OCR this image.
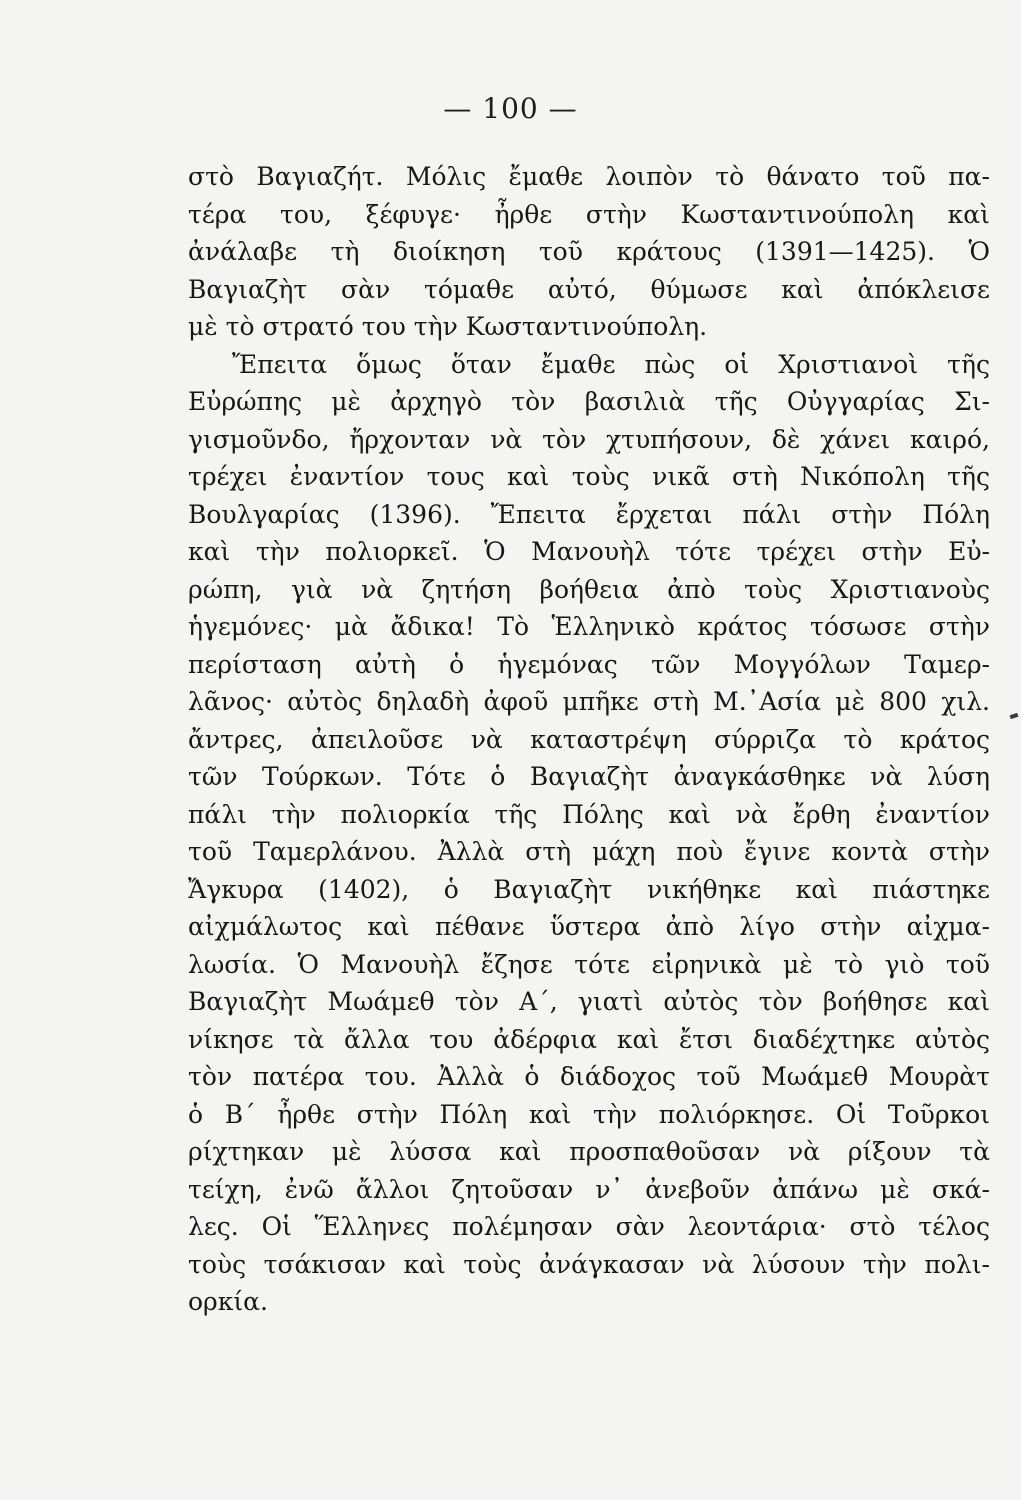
— 100 —
στὸ Βαγιαζήτ. Μόλις ἔμαθε λοιπὸν τὸ θάνατο τοῦ πα-
τέρα του, ξέφυγε· ἦρθε στὴν Κωσταντινούπολη καὶ
ἀνάλαβε τὴ διοίκηση τοῦ κράτους (1391—1425). Ὁ
Βαγιαζὴτ σὰν τόμαθε αὐτό, θύμωσε καὶ ἀπόκλεισε
μὲ τὸ στρατό του τὴν Κωσταντινούπολη.
Ἔπειτα ὅμως ὅταν ἔμαθε πὼς οἱ Χριστιανοὶ τῆς
Εὐρώπης μὲ ἀρχηγὸ τὸν βασιλιὰ τῆς Οὐγγαρίας Σι-
γισμοῦνδο, ἤρχονταν νὰ τὸν χτυπήσουν, δὲ χάνει καιρό,
τρέχει ἐναντίον τους καὶ τοὺς νικᾶ στὴ Νικόπολη τῆς
Βουλγαρίας (1396). Ἔπειτα ἔρχεται πάλι στὴν Πόλη
καὶ τὴν πολιορκεῖ. Ὁ Μανουὴλ τότε τρέχει στὴν Εὐ-
ρώπη, γιὰ νὰ ζητήση βοήθεια ἀπὸ τοὺς Χριστιανοὺς
ἡγεμόνες· μὰ ἄδικα! Τὸ Ἑλληνικὸ κράτος τόσωσε στὴν
περίσταση αὐτὴ ὁ ἡγεμόνας τῶν Μογγόλων Ταμερ-
λᾶνος· αὐτὸς δηλαδὴ ἀφοῦ μπῆκε στὴ Μ.᾿Ασία μὲ 800 χιλ.
ἄντρες, ἀπειλοῦσε νὰ καταστρέψη σύρριζα τὸ κράτος
τῶν Τούρκων. Τότε ὁ Βαγιαζὴτ ἀναγκάσθηκε νὰ λύση
πάλι τὴν πολιορκία τῆς Πόλης καὶ νὰ ἔρθη ἐναντίον
τοῦ Ταμερλάνου. Ἀλλὰ στὴ μάχη ποὺ ἔγινε κοντὰ στὴν
Ἄγκυρα (1402), ὁ Βαγιαζὴτ νικήθηκε καὶ πιάστηκε
αἰχμάλωτος καὶ πέθανε ὕστερα ἀπὸ λίγο στὴν αἰχμα-
λωσία. Ὁ Μανουὴλ ἔζησε τότε εἰρηνικὰ μὲ τὸ γιὸ τοῦ
Βαγιαζὴτ Μωάμεθ τὸν Α΄, γιατὶ αὐτὸς τὸν βοήθησε καὶ
νίκησε τὰ ἄλλα του ἀδέρφια καὶ ἔτσι διαδέχτηκε αὐτὸς
τὸν πατέρα του. Ἀλλὰ ὁ διάδοχος τοῦ Μωάμεθ Μουρὰτ
ὁ Β΄ ἦρθε στὴν Πόλη καὶ τὴν πολιόρκησε. Οἱ Τοῦρκοι
ρίχτηκαν μὲ λύσσα καὶ προσπαθοῦσαν νὰ ρίξουν τὰ
τείχη, ἐνῶ ἄλλοι ζητοῦσαν ν᾿ ἀνεβοῦν ἀπάνω μὲ σκά-
λες. Οἱ Ἕλληνες πολέμησαν σὰν λεοντάρια· στὸ τέλος
τοὺς τσάκισαν καὶ τοὺς ἀνάγκασαν νὰ λύσουν τὴν πολι-
ορκία.
